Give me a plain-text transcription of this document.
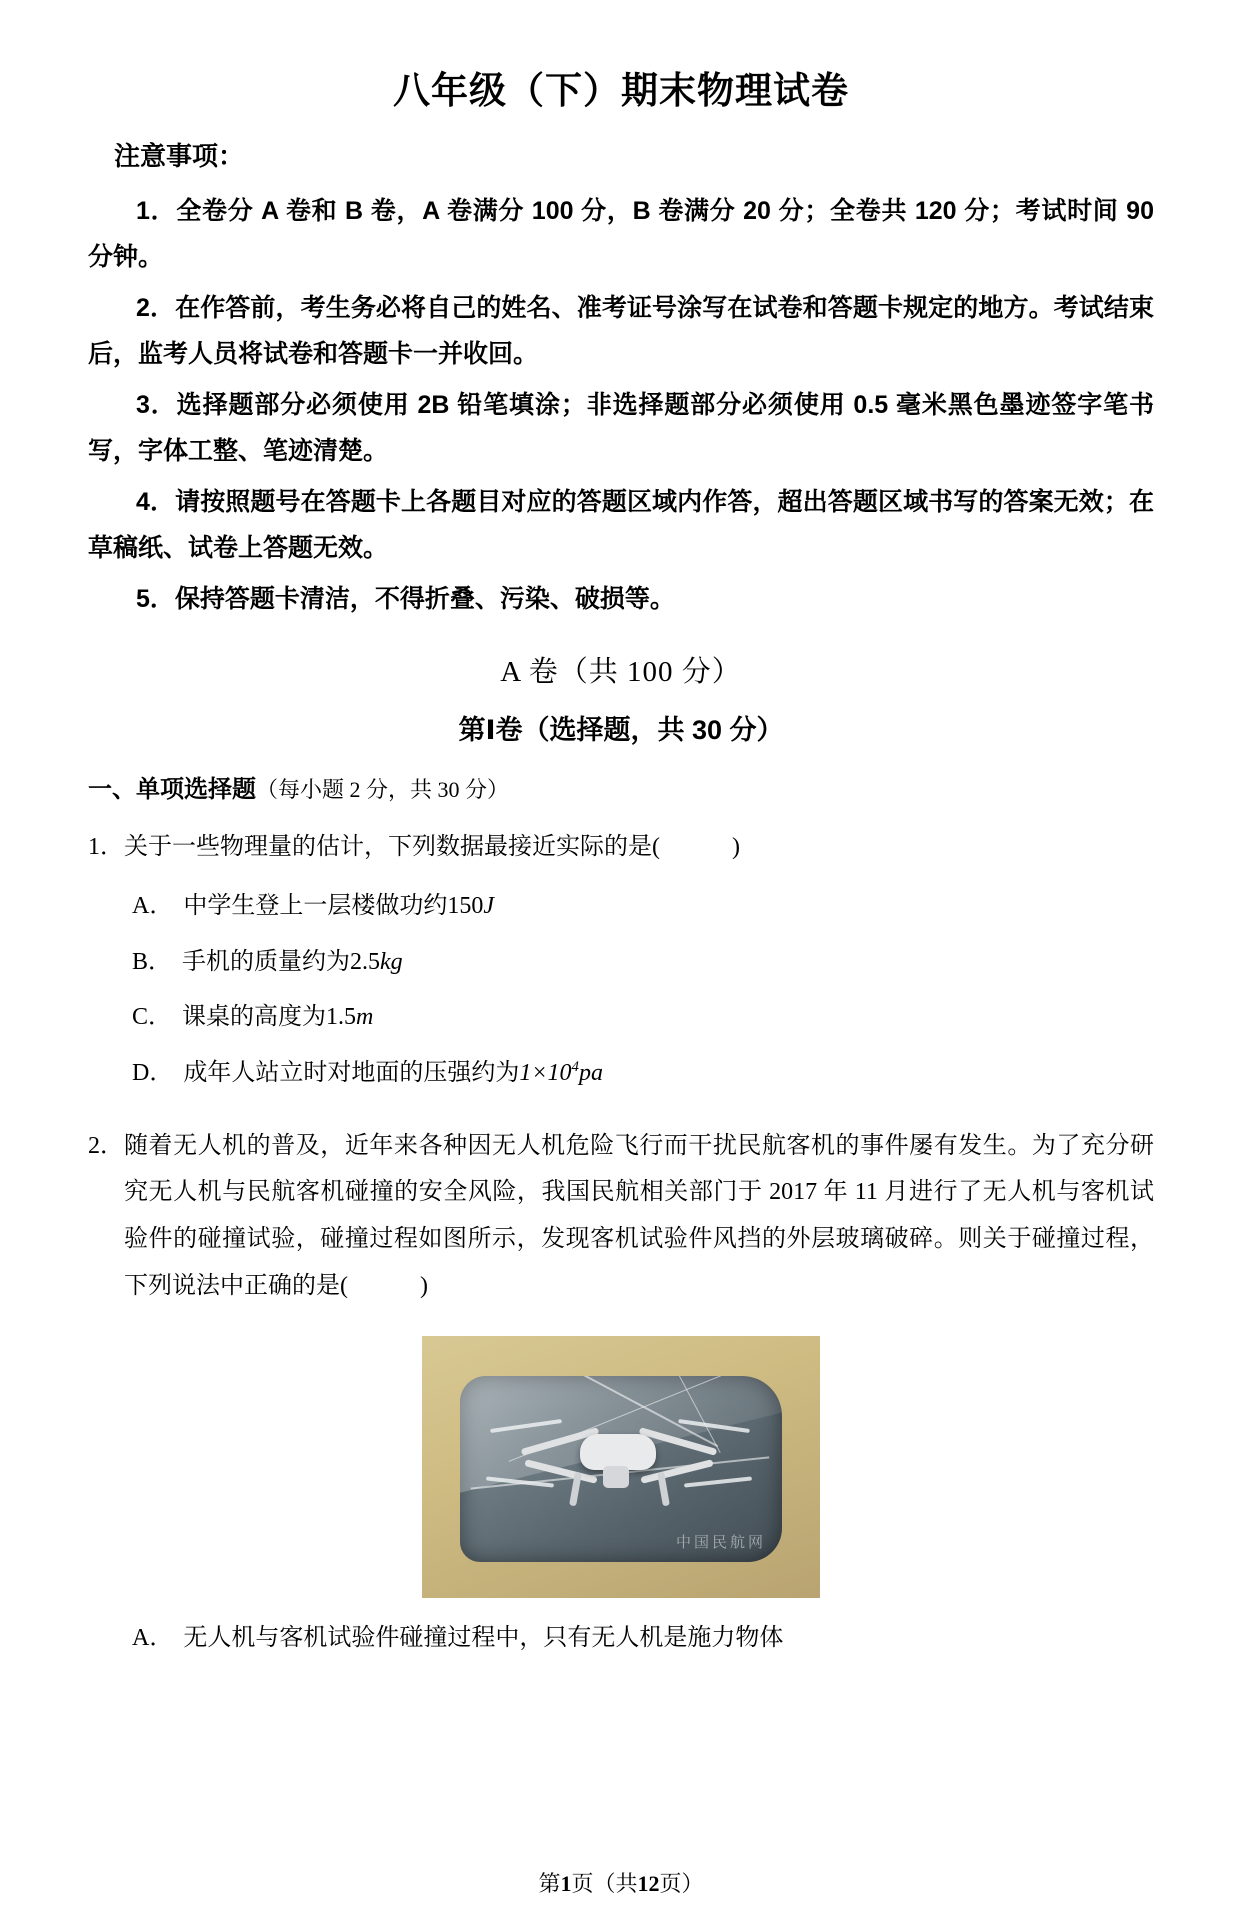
八年级（下）期末物理试卷
注意事项：
1．全卷分 A 卷和 B 卷，A 卷满分 100 分，B 卷满分 20 分；全卷共 120 分；考试时间 90 分钟。
2．在作答前，考生务必将自己的姓名、准考证号涂写在试卷和答题卡规定的地方。考试结束后，监考人员将试卷和答题卡一并收回。
3．选择题部分必须使用 2B 铅笔填涂；非选择题部分必须使用 0.5 毫米黑色墨迹签字笔书写，字体工整、笔迹清楚。
4．请按照题号在答题卡上各题目对应的答题区域内作答，超出答题区域书写的答案无效；在草稿纸、试卷上答题无效。
5．保持答题卡清洁，不得折叠、污染、破损等。
A 卷（共 100 分）
第Ⅰ卷（选择题，共 30 分）
一、单项选择题（每小题 2 分，共 30 分）
1． 关于一些物理量的估计，下列数据最接近实际的是(　　　)
A． 中学生登上一层楼做功约150J
B． 手机的质量约为2.5kg
C． 课桌的高度为1.5m
D． 成年人站立时对地面的压强约为$1\times 10^4pa$
2． 随着无人机的普及，近年来各种因无人机危险飞行而干扰民航客机的事件屡有发生。为了充分研究无人机与民航客机碰撞的安全风险，我国民航相关部门于 2017 年 11 月进行了无人机与客机试验件的碰撞试验，碰撞过程如图所示，发现客机试验件风挡的外层玻璃破碎。则关于碰撞过程，下列说法中正确的是(　　　)
中国民航网
A． 无人机与客机试验件碰撞过程中，只有无人机是施力物体
第1页（共12页）
